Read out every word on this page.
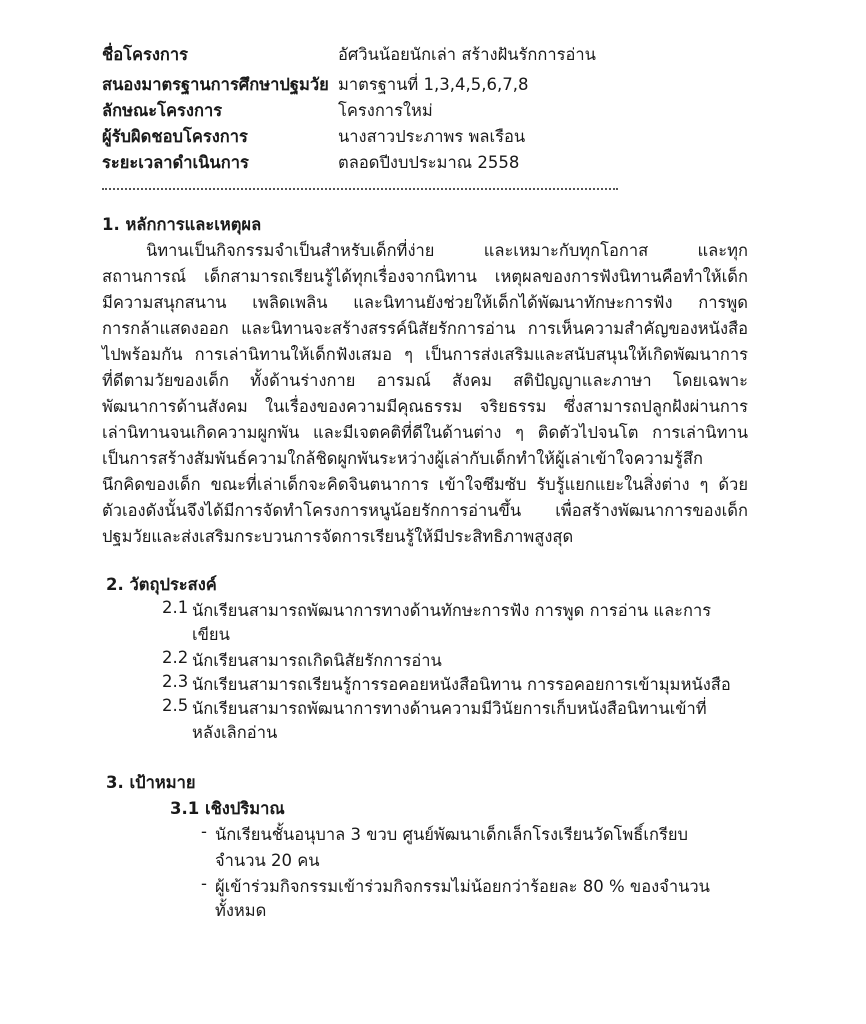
ชื่อโครงการ	อัศวินน้อยนักเล่า สร้างฝันรักการอ่าน
สนองมาตรฐานการศึกษาปฐมวัย มาตรฐานที่ 1,3,4,5,6,7,8
ลักษณะโครงการ	โครงการใหม่
ผู้รับผิดชอบโครงการ	นางสาวประภาพร พลเรือน
ระยะเวลาดำเนินการ	ตลอดปีงบประมาณ 2558
1. หลักการและเหตุผล
นิทานเป็นกิจกรรมจำเป็นสำหรับเด็กที่ง่าย และเหมาะกับทุกโอกาส และทุก
สถานการณ์ เด็กสามารถเรียนรู้ได้ทุกเรื่องจากนิทาน เหตุผลของการฟังนิทานคือทำให้เด็ก
มีความสนุกสนาน เพลิดเพลิน และนิทานยังช่วยให้เด็กได้พัฒนาทักษะการฟัง การพูด
การกล้าแสดงออก และนิทานจะสร้างสรรค์นิสัยรักการอ่าน การเห็นความสำคัญของหนังสือ
ไปพร้อมกัน การเล่านิทานให้เด็กฟังเสมอ ๆ เป็นการส่งเสริมและสนับสนุนให้เกิดพัฒนาการ
ที่ดีตามวัยของเด็ก ทั้งด้านร่างกาย อารมณ์ สังคม สติปัญญาและภาษา โดยเฉพาะ
พัฒนาการด้านสังคม ในเรื่องของความมีคุณธรรม จริยธรรม ซึ่งสามารถปลูกฝังผ่านการ
เล่านิทานจนเกิดความผูกพัน และมีเจตคติที่ดีในด้านต่าง ๆ ติดตัวไปจนโต การเล่านิทาน
เป็นการสร้างสัมพันธ์ความใกล้ชิดผูกพันระหว่างผู้เล่ากับเด็กทำให้ผู้เล่าเข้าใจความรู้สึก
นึกคิดของเด็ก ขณะที่เล่าเด็กจะคิดจินตนาการ เข้าใจซึมซับ รับรู้แยกแยะในสิ่งต่าง ๆ ด้วย
ตัวเองดังนั้นจึงได้มีการจัดทำโครงการหนูน้อยรักการอ่านขึ้น เพื่อสร้างพัฒนาการของเด็ก
ปฐมวัยและส่งเสริมกระบวนการจัดการเรียนรู้ให้มีประสิทธิภาพสูงสุด
2. วัตถุประสงค์
2.1 นักเรียนสามารถพัฒนาการทางด้านทักษะการฟัง การพูด การอ่าน และการ
เขียน
2.2 นักเรียนสามารถเกิดนิสัยรักการอ่าน
2.3 นักเรียนสามารถเรียนรู้การรอคอยหนังสือนิทาน การรอคอยการเข้ามุมหนังสือ
2.5 นักเรียนสามารถพัฒนาการทางด้านความมีวินัยการเก็บหนังสือนิทานเข้าที่
หลังเลิกอ่าน
3. เป้าหมาย
3.1 เชิงปริมาณ
- นักเรียนชั้นอนุบาล 3 ขวบ ศูนย์พัฒนาเด็กเล็กโรงเรียนวัดโพธิ์เกรียบ
จำนวน 20 คน
- ผู้เข้าร่วมกิจกรรมเข้าร่วมกิจกรรมไม่น้อยกว่าร้อยละ 80 % ของจำนวน
ทั้งหมด
